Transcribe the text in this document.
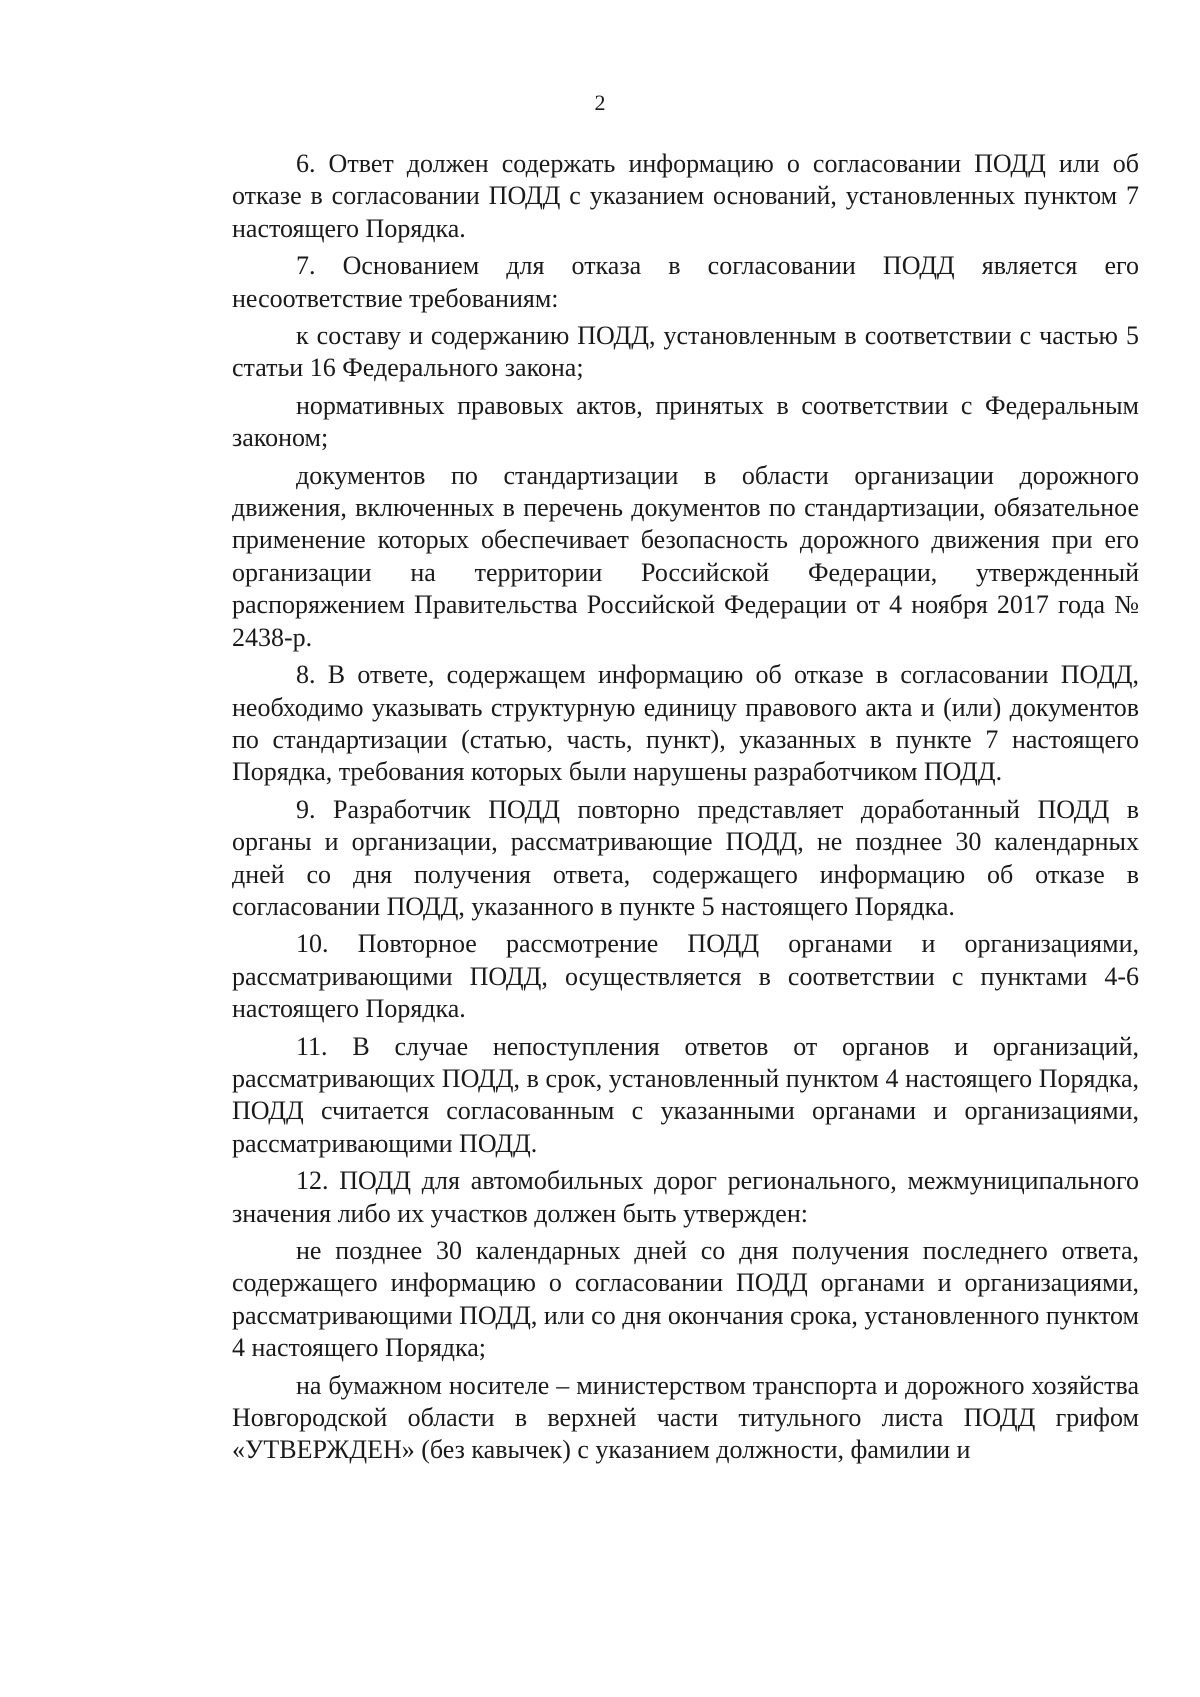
2

6. Ответ должен содержать информацию о согласовании ПОДД или об отказе в согласовании ПОДД с указанием оснований, установленных пунктом 7 настоящего Порядка.

7. Основанием для отказа в согласовании ПОДД является его несоответствие требованиям:

к составу и содержанию ПОДД, установленным в соответствии с частью 5 статьи 16 Федерального закона;

нормативных правовых актов, принятых в соответствии с Федеральным законом;

документов по стандартизации в области организации дорожного движения, включенных в перечень документов по стандартизации, обязательное применение которых обеспечивает безопасность дорожного движения при его организации на территории Российской Федерации, утвержденный распоряжением Правительства Российской Федерации от 4 ноября 2017 года № 2438-р.

8. В ответе, содержащем информацию об отказе в согласовании ПОДД, необходимо указывать структурную единицу правового акта и (или) документов по стандартизации (статью, часть, пункт), указанных в пункте 7 настоящего Порядка, требования которых были нарушены разработчиком ПОДД.

9. Разработчик ПОДД повторно представляет доработанный ПОДД в органы и организации, рассматривающие ПОДД, не позднее 30 календарных дней со дня получения ответа, содержащего информацию об отказе в согласовании ПОДД, указанного в пункте 5 настоящего Порядка.

10. Повторное рассмотрение ПОДД органами и организациями, рассматривающими ПОДД, осуществляется в соответствии с пунктами 4-6 настоящего Порядка.

11. В случае непоступления ответов от органов и организаций, рассматривающих ПОДД, в срок, установленный пунктом 4 настоящего Порядка, ПОДД считается согласованным с указанными органами и организациями, рассматривающими ПОДД.

12. ПОДД для автомобильных дорог регионального, межмуниципального значения либо их участков должен быть утвержден:

не позднее 30 календарных дней со дня получения последнего ответа, содержащего информацию о согласовании ПОДД органами и организациями, рассматривающими ПОДД, или со дня окончания срока, установленного пунктом 4 настоящего Порядка;

на бумажном носителе – министерством транспорта и дорожного хозяйства Новгородской области в верхней части титульного листа ПОДД грифом «УТВЕРЖДЕН» (без кавычек) с указанием должности, фамилии и
